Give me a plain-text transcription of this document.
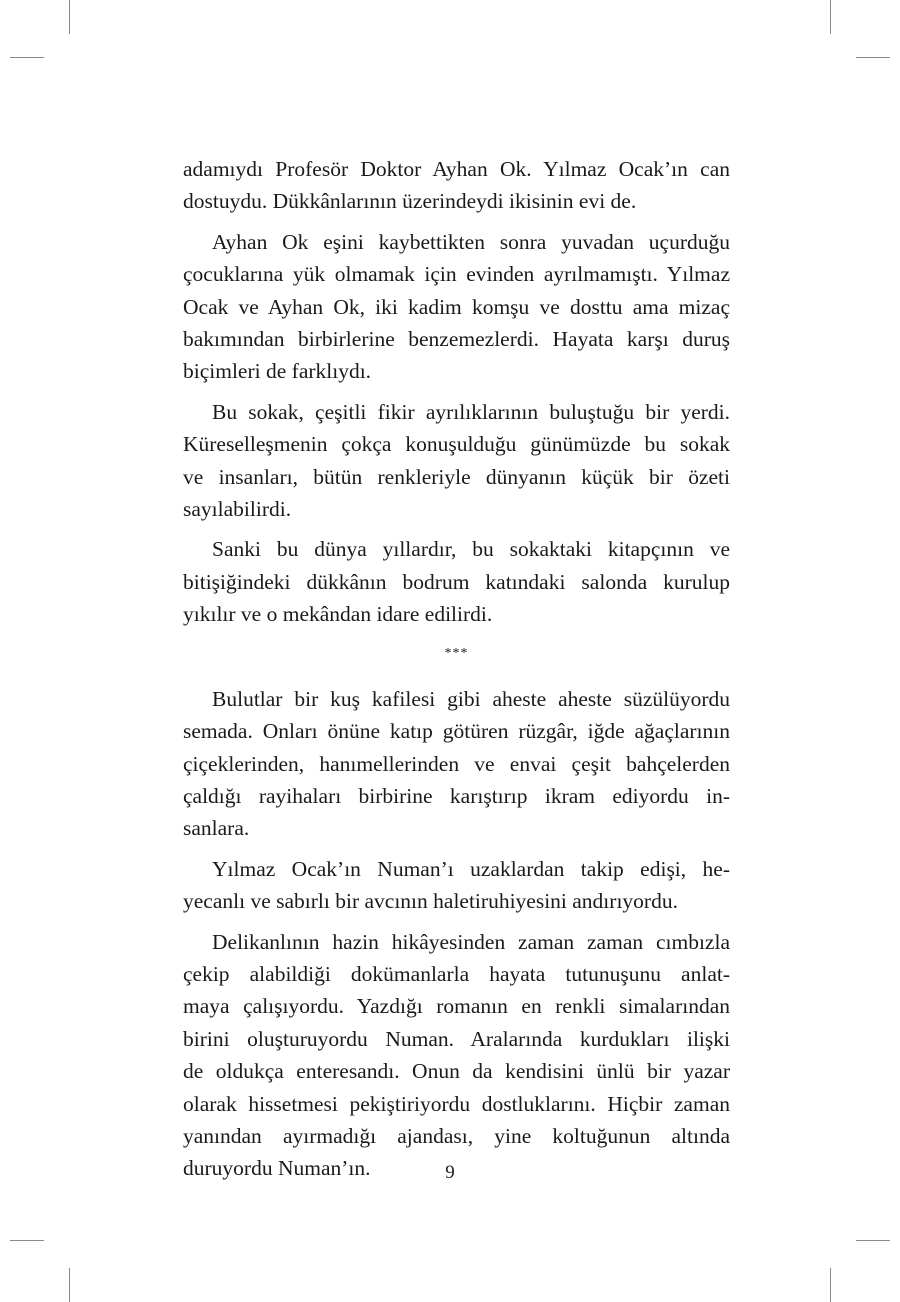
adamıydı Profesör Doktor Ayhan Ok. Yılmaz Ocak’ın can
dostuydu. Dükkânlarının üzerindeydi ikisinin evi de.
Ayhan Ok eşini kaybettikten sonra yuvadan uçurduğu
çocuklarına yük olmamak için evinden ayrılmamıştı. Yılmaz
Ocak ve Ayhan Ok, iki kadim komşu ve dosttu ama mizaç
bakımından birbirlerine benzemezlerdi. Hayata karşı duruş
biçimleri de farklıydı.
Bu sokak, çeşitli fikir ayrılıklarının buluştuğu bir yerdi.
Küreselleşmenin çokça konuşulduğu günümüzde bu sokak
ve insanları, bütün renkleriyle dünyanın küçük bir özeti
sayılabilirdi.
Sanki bu dünya yıllardır, bu sokaktaki kitapçının ve
bitişiğindeki dükkânın bodrum katındaki salonda kurulup
yıkılır ve o mekândan idare edilirdi.
***
Bulutlar bir kuş kafilesi gibi aheste aheste süzülüyordu
semada. Onları önüne katıp götüren rüzgâr, iğde ağaçlarının
çiçeklerinden, hanımellerinden ve envai çeşit bahçelerden
çaldığı rayihaları birbirine karıştırıp ikram ediyordu in-
sanlara.
Yılmaz Ocak’ın Numan’ı uzaklardan takip edişi, he-
yecanlı ve sabırlı bir avcının haletiruhiyesini andırıyordu.
Delikanlının hazin hikâyesinden zaman zaman cımbızla
çekip alabildiği dokümanlarla hayata tutunuşunu anlat-
maya çalışıyordu. Yazdığı romanın en renkli simalarından
birini oluşturuyordu Numan. Aralarında kurdukları ilişki
de oldukça enteresandı. Onun da kendisini ünlü bir yazar
olarak hissetmesi pekiştiriyordu dostluklarını. Hiçbir zaman
yanından ayırmadığı ajandası, yine koltuğunun altında
duruyordu Numan’ın.	9
